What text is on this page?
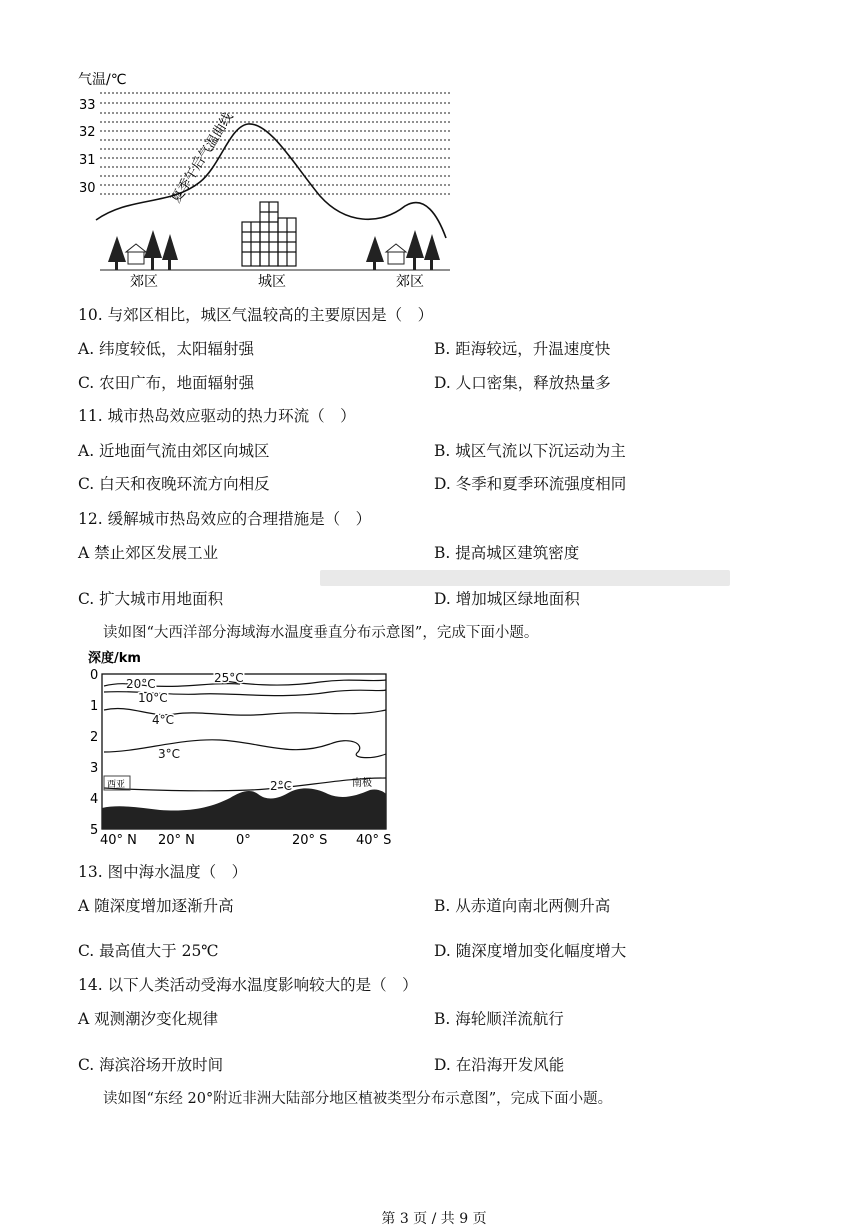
气温/℃
33
32
31
30	夏季午后气温曲线
郊区	城区	郊区
10. 与郊区相比，城区气温较高的主要原因是（　）
A. 纬度较低，太阳辐射强	B. 距海较远，升温速度快
C. 农田广布，地面辐射强	D. 人口密集，释放热量多
11. 城市热岛效应驱动的热力环流（　）
A. 近地面气流由郊区向城区	B. 城区气流以下沉运动为主
C. 白天和夜晚环流方向相反	D. 冬季和夏季环流强度相同
12. 缓解城市热岛效应的合理措施是（　）
A 禁止郊区发展工业	B. 提高城区建筑密度
C. 扩大城市用地面积	D. 增加城区绿地面积
读如图“大西洋部分海域海水温度垂直分布示意图”，完成下面小题。
深度/km
0
1
2
3
4
5
20°C	25°C
10°C
4°C
3°C
2°C
西亚	南极
40° N 20° N	0°	20° S 40° S
13. 图中海水温度（　）
A 随深度增加逐渐升高	B. 从赤道向南北两侧升高
C. 最高值大于 25℃	D. 随深度增加变化幅度增大
14. 以下人类活动受海水温度影响较大的是（　）
A 观测潮汐变化规律	B. 海轮顺洋流航行
C. 海滨浴场开放时间	D. 在沿海开发风能
读如图“东经 20°附近非洲大陆部分地区植被类型分布示意图”，完成下面小题。
第 3 页 / 共 9 页
